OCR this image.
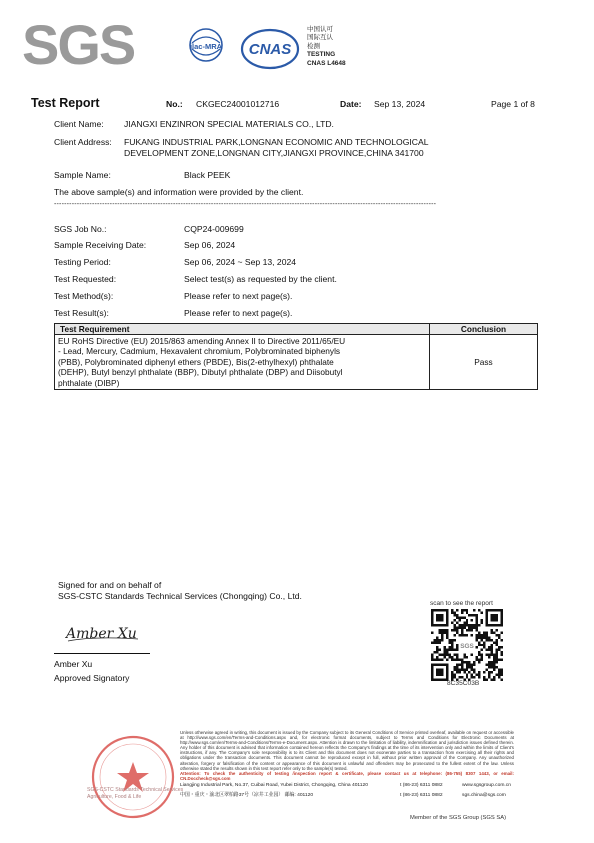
SGS	ilac-MRA CNAS
中国认可
国际互认
检测
TESTING
CNAS L4648
Test Report	No.: CKGEC24001012716	Date: Sep 13, 2024	Page 1 of 8
Client Name: JIANGXI ENZINRON SPECIAL MATERIALS CO., LTD.
Client Address: FUKANG INDUSTRIAL PARK,LONGNAN ECONOMIC AND TECHNOLOGICAL
DEVELOPMENT ZONE,LONGNAN CITY,JIANGXI PROVINCE,CHINA 341700
Sample Name:	Black PEEK
The above sample(s) and information were provided by the client.
-------------------------------------------------------------------------------------------------------------------------------------------------------
SGS Job No.:	CQP24-009699
Sample Receiving Date:	Sep 06, 2024
Testing Period:	Sep 06, 2024 ~ Sep 13, 2024
Test Requested:	Select test(s) as requested by the client.
Test Method(s):	Please refer to next page(s).
Test Result(s):	Please refer to next page(s).
Test Requirement	Conclusion

EU RoHS Directive (EU) 2015/863 amending Annex II to Directive 2011/65/EU
- Lead, Mercury, Cadmium, Hexavalent chromium, Polybrominated biphenyls
(PBB), Polybrominated diphenyl ethers (PBDE), Bis(2-ethylhexyl) phthalate
(DEHP), Butyl benzyl phthalate (BBP), Dibutyl phthalate (DBP) and Diisobutyl
phthalate (DIBP)	Pass
Signed for and on behalf of
SGS-CSTC Standards Technical Services (Chongqing) Co., Ltd.
Amber Xu
Amber Xu
Approved Signatory
scan to see the report
SGS
8C35C03B
SGS-CSTC Standards Technical Services
Agriculture, Food & Life
Unless otherwise agreed in writing, this document is issued by the Company subject to its General Conditions of Service printed overleaf, available on request or accessible at http://www.sgs.com/en/Terms-and-Conditions.aspx and, for electronic format documents, subject to Terms and Conditions for Electronic Documents at http://www.sgs.com/en/Terms-and-Conditions/Terms-e-Document.aspx. Attention is drawn to the limitation of liability, indemnification and jurisdiction issues defined therein. Any holder of this document is advised that information contained hereon reflects the Company's findings at the time of its intervention only and within the limits of Client's instructions, if any. The Company's sole responsibility is to its Client and this document does not exonerate parties to a transaction from exercising all their rights and obligations under the transaction documents. This document cannot be reproduced except in full, without prior written approval of the Company. Any unauthorized alteration, forgery or falsification of the content or appearance of this document is unlawful and offenders may be prosecuted to the fullest extent of the law. Unless otherwise stated the results shown in this test report refer only to the sample(s) tested.
Attention: To check the authenticity of testing /inspection report & certificate, please contact us at telephone: (86-755) 8307 1443, or email: CN.Doccheck@sgs.com
Liangjing Industrial Park, No.37, Cuibai Road, Yubei District, Chongqing, China 401120	t (86-23) 6311 0882	www.sgsgroup.com.cn
中国・重庆・渝北区翠柏路37号（凉井工业园） 邮编: 401120	t (86-23) 6311 0882	sgs.china@sgs.com
Member of the SGS Group (SGS SA)
